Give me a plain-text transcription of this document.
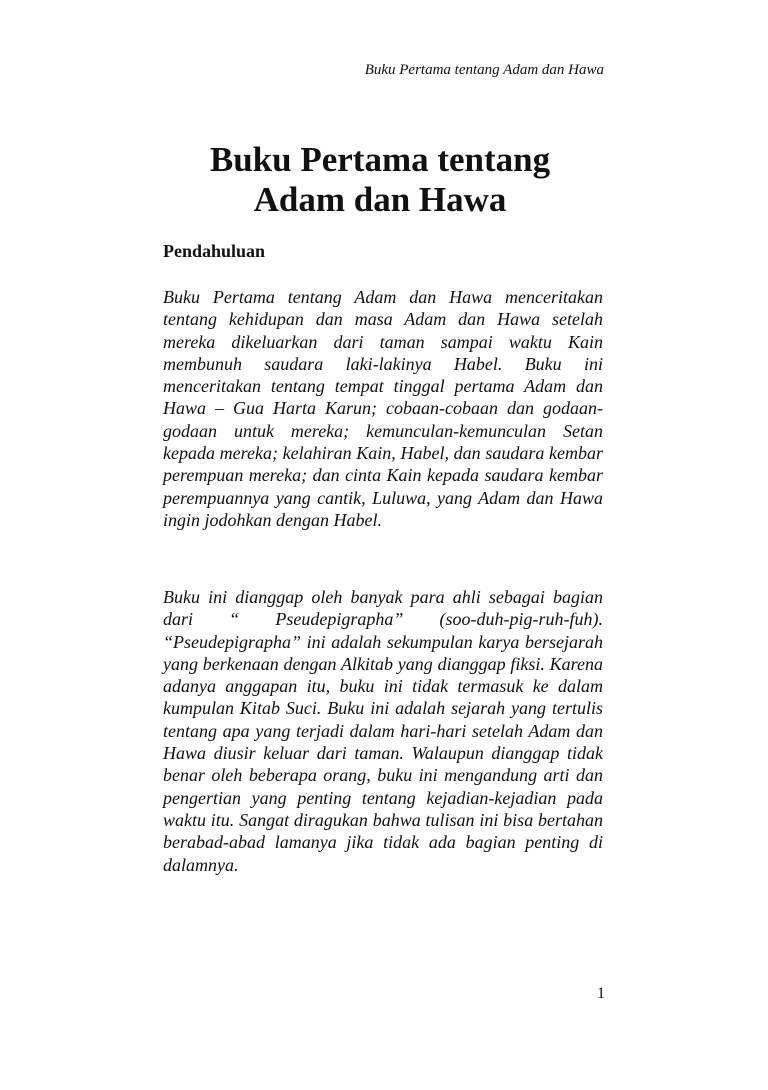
Buku Pertama tentang Adam dan Hawa
Buku Pertama tentang
Adam dan Hawa
Pendahuluan

Buku Pertama tentang Adam dan Hawa menceritakan tentang kehidupan dan masa Adam dan Hawa setelah mereka dikeluarkan dari taman sampai waktu Kain membunuh saudara laki-lakinya Habel. Buku ini menceritakan tentang tempat tinggal pertama Adam dan Hawa – Gua Harta Karun; cobaan-cobaan dan godaan-godaan untuk mereka; kemunculan-kemunculan Setan kepada mereka; kelahiran Kain, Habel, dan saudara kembar perempuan mereka; dan cinta Kain kepada saudara kembar perempuannya yang cantik, Luluwa, yang Adam dan Hawa ingin jodohkan dengan Habel.

Buku ini dianggap oleh banyak para ahli sebagai bagian dari “ Pseudepigrapha” (soo-duh-pig-ruh-fuh). “Pseudepigrapha” ini adalah sekumpulan karya bersejarah yang berkenaan dengan Alkitab yang dianggap fiksi. Karena adanya anggapan itu, buku ini tidak termasuk ke dalam kumpulan Kitab Suci. Buku ini adalah sejarah yang tertulis tentang apa yang terjadi dalam hari-hari setelah Adam dan Hawa diusir keluar dari taman. Walaupun dianggap tidak benar oleh beberapa orang, buku ini mengandung arti dan pengertian yang penting tentang kejadian-kejadian pada waktu itu. Sangat diragukan bahwa tulisan ini bisa bertahan berabad-abad lamanya jika tidak ada bagian penting di dalamnya.

1
